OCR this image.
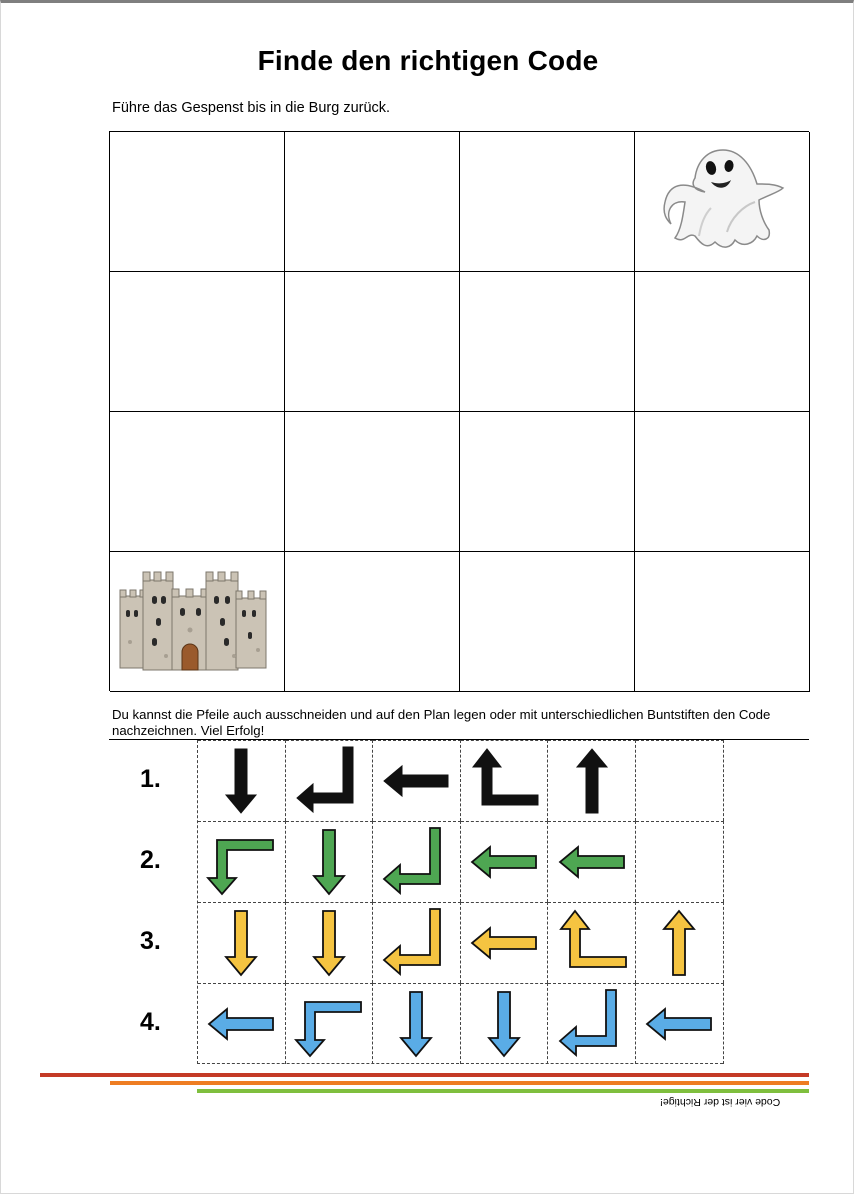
Finde den richtigen Code
Führe das Gespenst bis in die Burg zurück.
Du kannst die Pfeile auch ausschneiden und auf den Plan legen oder mit unterschiedlichen Buntstiften den Code nachzeichnen. Viel Erfolg!
1.
2.
3.
4.
Code vier ist der Richtige!
